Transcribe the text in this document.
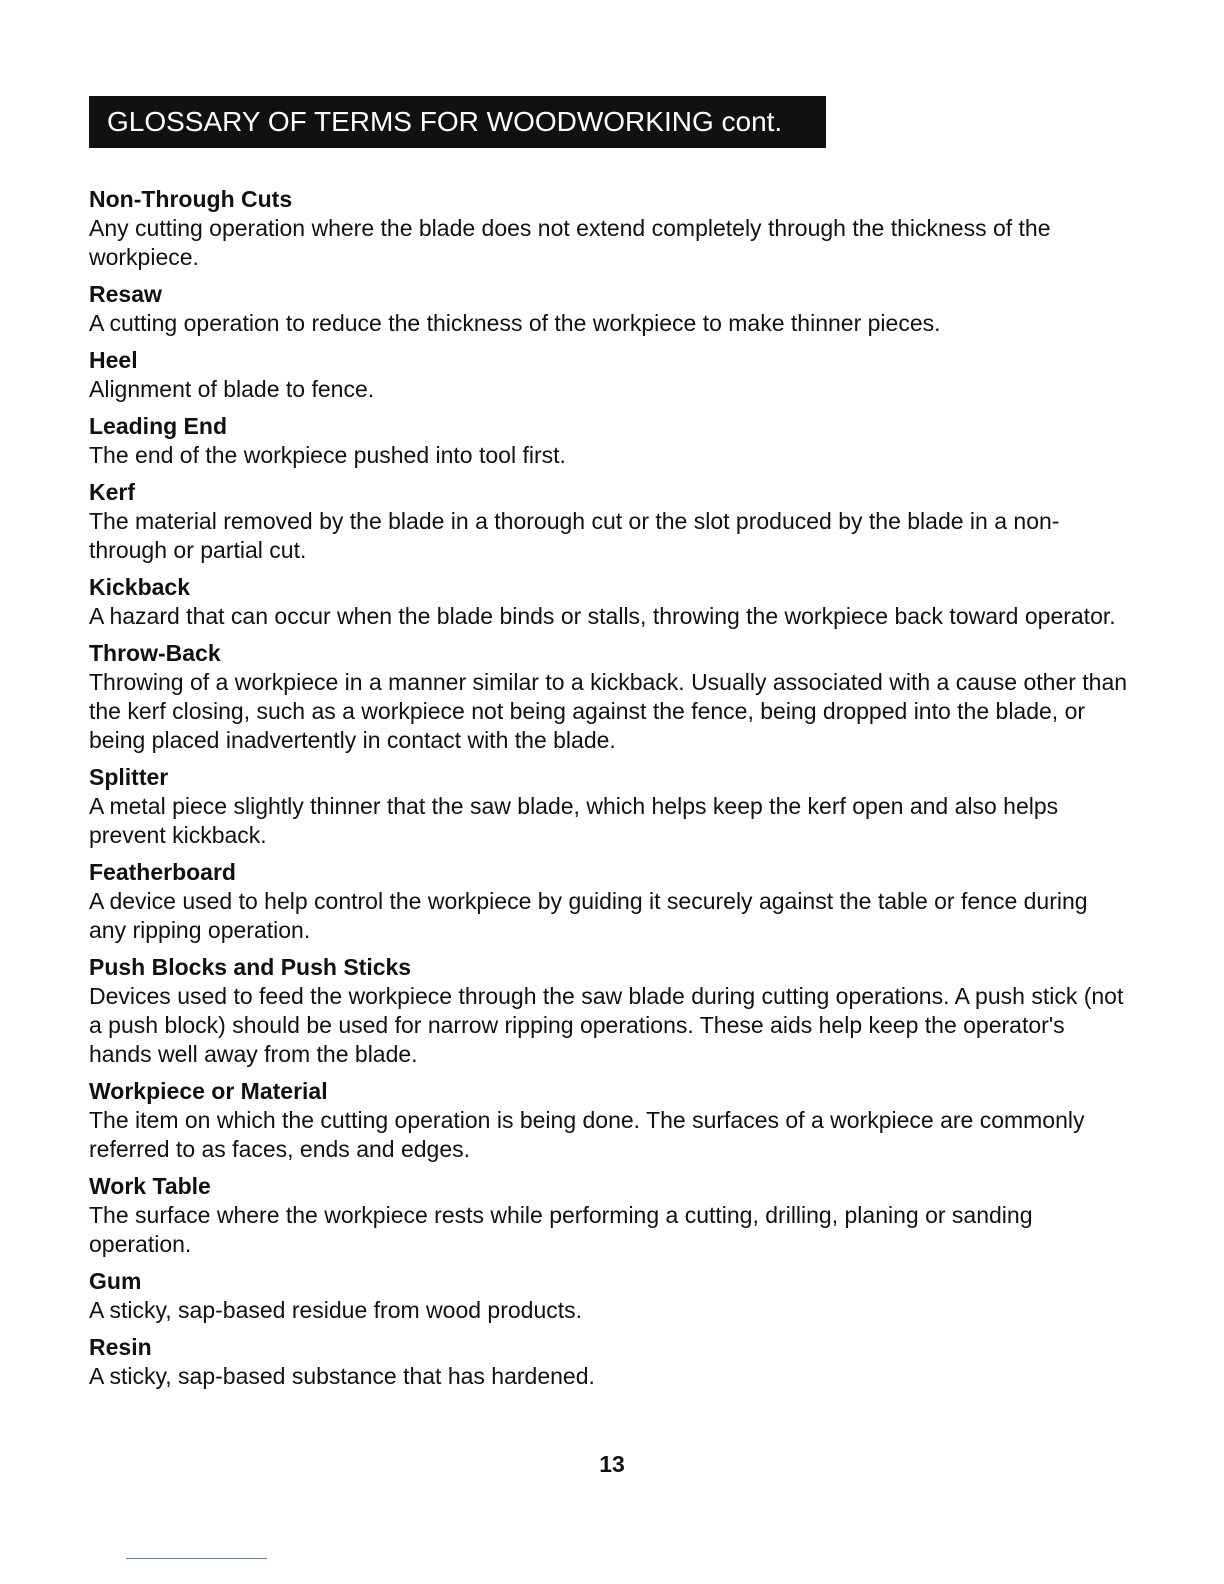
GLOSSARY OF TERMS FOR WOODWORKING cont.
Non-Through Cuts
Any cutting operation where the blade does not extend completely through the thickness of the workpiece.
Resaw
A cutting operation to reduce the thickness of the workpiece to make thinner pieces.
Heel
Alignment of blade to fence.
Leading End
The end of the workpiece pushed into tool first.
Kerf
The material removed by the blade in a thorough cut or the slot produced by the blade in a non-through or partial cut.
Kickback
A hazard that can occur when the blade binds or stalls, throwing the workpiece back toward operator.
Throw-Back
Throwing of a workpiece in a manner similar to a kickback. Usually associated with a cause other than the kerf closing, such as a workpiece not being against the fence, being dropped into the blade, or being placed inadvertently in contact with the blade.
Splitter
A metal piece slightly thinner that the saw blade, which helps keep the kerf open and also helps prevent kickback.
Featherboard
A device used to help control the workpiece by guiding it securely against the table or fence during any ripping operation.
Push Blocks and Push Sticks
Devices used to feed the workpiece through the saw blade during cutting operations. A push stick (not a push block) should be used for narrow ripping operations. These aids help keep the operator's hands well away from the blade.
Workpiece or Material
The item on which the cutting operation is being done. The surfaces of a workpiece are commonly referred to as faces, ends and edges.
Work Table
The surface where the workpiece rests while performing a cutting, drilling, planing or sanding operation.
Gum
A sticky, sap-based residue from wood products.
Resin
A sticky, sap-based substance that has hardened.
13
